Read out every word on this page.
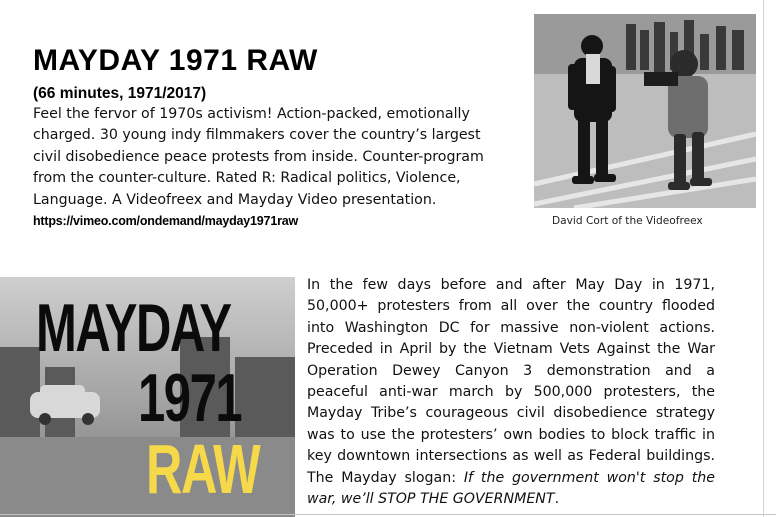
MAYDAY 1971 RAW
(66 minutes, 1971/2017)
Feel the fervor of 1970s activism! Action-packed, emotionally charged. 30 young indy filmmakers cover the country’s largest civil disobedience peace protests from inside. Counter-program from the counter-culture. Rated R: Radical politics, Violence, Language. A Videofreex and Mayday Video presentation.
https://vimeo.com/ondemand/mayday1971raw	David Cort of the Videofreex
MAYDAY
1971
RAW
In the few days before and after May Day in 1971, 50,000+ protesters from all over the country flooded into Washington DC for massive non-violent actions. Preceded in April by the Vietnam Vets Against the War Operation Dewey Canyon 3 demonstration and a peaceful anti-war march by 500,000 protesters, the Mayday Tribe’s courageous civil disobedience strategy was to use the protesters’ own bodies to block traffic in key downtown intersections as well as Federal buildings. The Mayday slogan: If the government won't stop the war, we’ll STOP THE GOVERNMENT.
